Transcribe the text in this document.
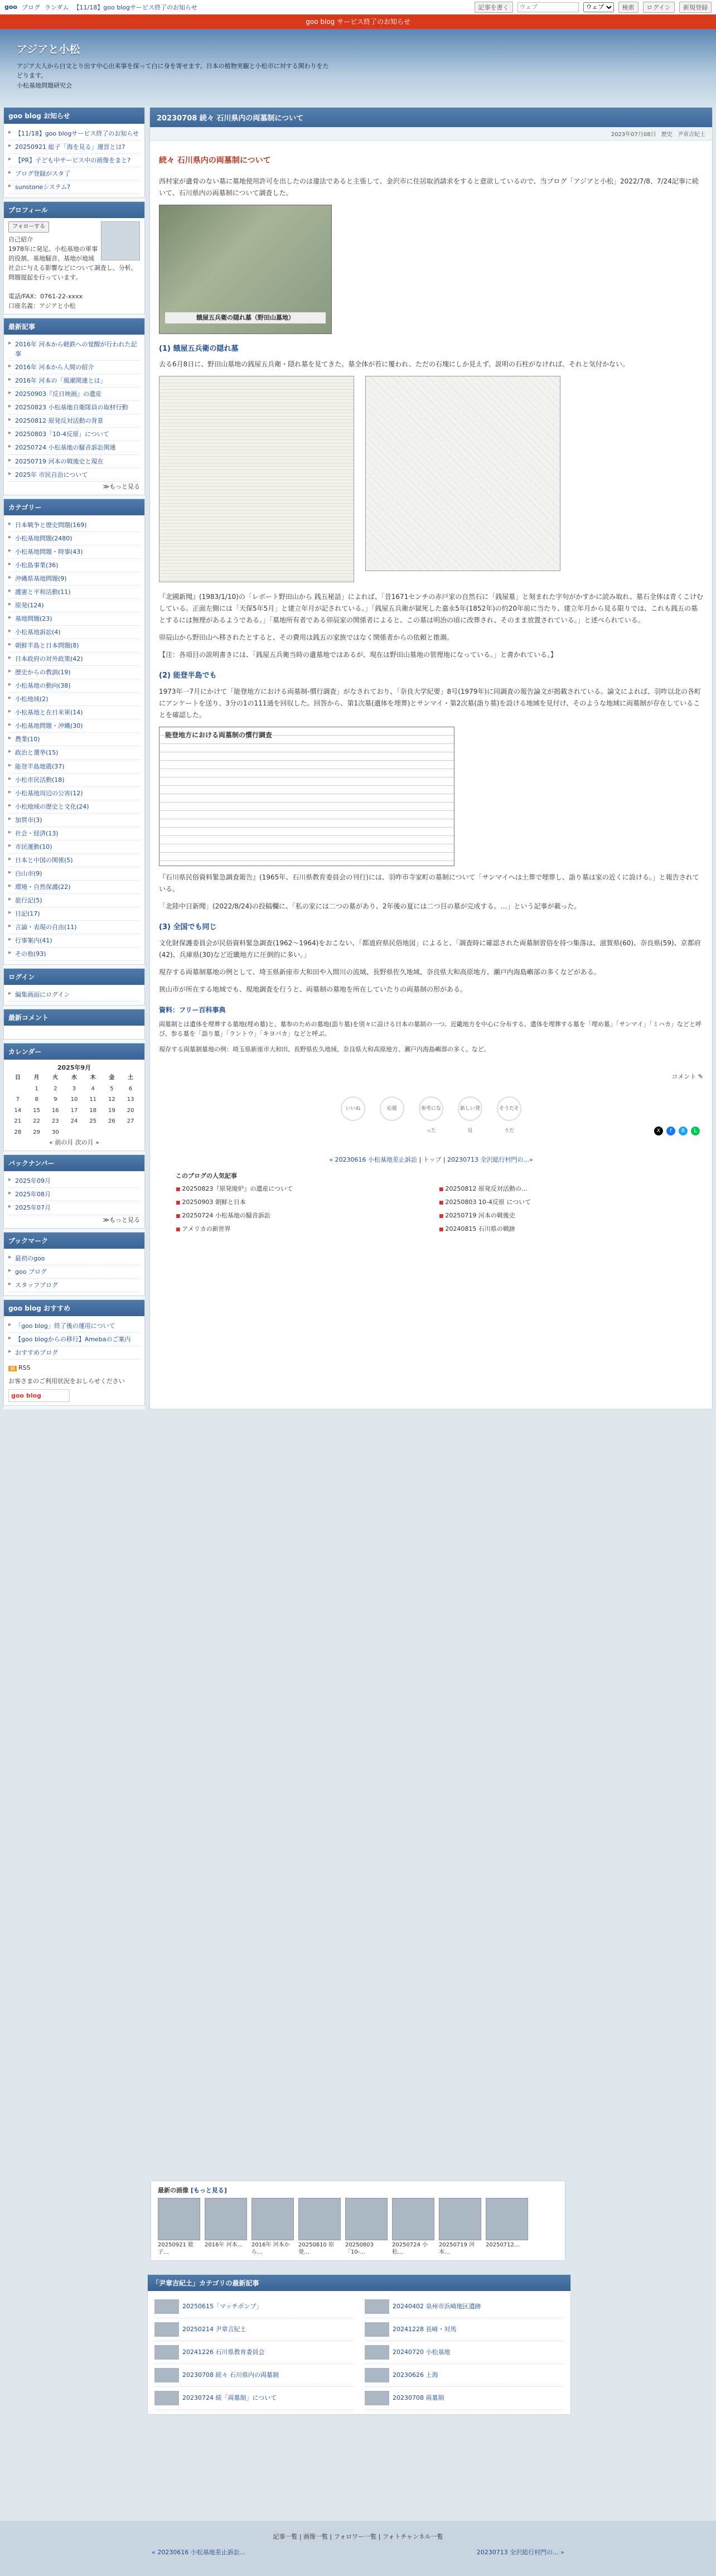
goo ブログ ランダム 【11/18】goo blogサービス終了のお知らせ	記事を書く
ウェブ
ウェブ	検索	ログイン	新規登録
goo blog サービス終了のお知らせ
アジアと小松
アジア大人から白文とり出す中心出来事を探って白に身を寄せます。日本の植物実観と小松市に対する関わりをたどります。
小松基地問題研究会
goo blog お知らせ
▶ 【11/18】goo blogサービス終了のお知らせ
▶ 20250921 総子「海を見る」運営とは?
▶ 【PR】子ども中サービス中の画像をまと?
▶ ブログ登録がスタ了
▶ sunstoneシステム?
プロフィール
フォローする
自己紹介
1978年に発足。小松基地の軍事的役割、基地騒音、基地が地域社会に与える影響などについて調査し、分析。問題提起を行っています。

電話/FAX：0761-22-xxxx
口座名義：アジアと小松
最新記事
▶ 2016年 河本から軽鉄への覚醒が行われた記事
▶ 2016年 河本から人間の紹介
▶ 2016年 河本の「風潮関連とは」
▶ 20250903『反日映画』の遺産
▶ 20250823 小松基地自衛隊員の取材行動
▶ 20250812 原発反対活動の背景
▶ 20250803「10-4反原」について
▶ 20250724 小松基地の騒音訴訟関連
▶ 20250719 河本の戦後史と現在
▶ 2025年 市民自治について
≫もっと見る
カテゴリー
▶ 日本戦争と歴史問題(169)
▶ 小松基地問題(2480)
▶ 小松基地問題・時事(43)
▶ 小松島事業(36)
▶ 沖縄県基地問題(9)
▶ 護憲と平和活動(11)
▶ 原発(124)
▶ 基地問題(23)
▶ 小松基地訴訟(4)
▶ 朝鮮半島と日本問題(8)
▶ 日本政府の対外政策(42)
▶ 歴史からの教訓(19)
▶ 小松基地の動向(38)
▶ 小松地域(2)
▶ 小松基地と在日米軍(14)
▶ 小松基地問題・沖縄(30)
▶ 農業(10)
▶ 政治と選挙(15)
▶ 能登半島地震(37)
▶ 小松市民活動(18)
▶ 小松基地周辺の公害(12)
▶ 小松地域の歴史と文化(24)
▶ 加賀市(3)
▶ 社会・経済(13)
▶ 市民運動(10)
▶ 日本と中国の関係(5)
▶ 白山市(9)
▶ 環境・自然保護(22)
▶ 旅行記(5)
▶ 日記(17)
▶ 言論・表現の自由(11)
▶ 行事案内(41)
▶ その他(93)
ログイン
▶ 編集画面にログイン
最新コメント
カレンダー
2025年9月
日	月	火	水	木	金	土
	1	2	3	4	5	6
7	8	9	10	11	12	13
14	15	16	17	18	19	20
21	22	23	24	25	26	27
28	29	30				
« 前の月 次の月 »
バックナンバー
▶ 2025年09月
▶ 2025年08月
▶ 2025年07月
≫もっと見る
ブックマーク
▶ 最初のgoo
▶ goo ブログ
▶ スタッフブログ
goo blog おすすめ
▶ 「goo blog」終了後の運用について
▶ 【goo blogからの移行】Amebaのご案内
▶ おすすめブログ
▤ RSS
お客さまのご利用状況をおしらせください
goo blog
20230708 続々 石川県内の両墓制について
2023年07月08日 歴史 尹章吉紀土
続々 石川県内の両墓制について

西村家が遺骨のない墓に墓地使用許可を出したのは違法であると主張して、金沢市に住居取消請求をすると意欲しているので、当ブログ「アジアと小松」2022/7/8、7/24記事に続いて、石川県内の両墓制について調査した。

餓屋五兵衛の隠れ墓（野田山墓地）
(1) 餓屋五兵衛の隠れ墓

去る6月8日に、野田山墓地の銭屋五兵衛・隠れ墓を見てきた。墓全体が苔に覆われ、ただの石塊にしか見えず、説明の石柱がなければ、それと気付かない。

『北國新聞』(1983/1/10)の「レポート野田山から 銭五秘話」によれば、「昔1671センチの赤戸家の自然石に「銭屋墓」と刻まれた字句がかすかに読み取れ、墓石全体は青くこけむしている。正面左側には「天保5年5月」と建立年月が記されている。」「銭屋五兵衛が獄死した嘉永5年(1852年)の約20年前に当たり、建立年月から見る限りでは、これも銭五の墓とするには無理があるようである。」「墓地所有者である卯辰家の関係者によると、この墓は明治の頃に改葬され、そのまま放置されている。」と述べられている。

卯辰山から野田山へ移されたとすると、その費用は銭五の家族ではなく関係者からの依頼と推測。

【注：各項目の説明書きには、「銭屋五兵衛当時の遺墓地ではあるが、現在は野田山墓地の管理地になっている。」と書かれている。】

(2) 能登半島でも

1973年一7月にかけて「能登地方における両墓制-慣行調査」がなされており、「奈良大学紀要」8号(1979年)に同調査の報告論文が掲載されている。論文によれば、羽咋以北の各町にアンケートを送り、3分の1の111通を回収した。回答から、第1次墓(遺体を埋葬)とサンマイ・第2次墓(詣り墓)を設ける地域を見付け、そのような地域に両墓制が存在していることを確認した。

能登地方における両墓制の慣行調査

『石川県民俗資料緊急調査報告』(1965年、石川県教育委員会の刊行)には、羽咋市寺家町の墓制について「サンマイへは土葬で埋葬し、詣り墓は家の近くに設ける。」と報告されている。

「北陸中日新聞」(2022/8/24)の投稿欄に、「私の家には二つの墓があり、2年後の夏には二つ目の墓が完成する。…」という記事が載った。

(3) 全国でも同じ

文化財保護委員会が民俗資料緊急調査(1962〜1964)をおこない、「都道府県民俗地図」によると、「調査時に確認された両墓制習俗を持つ集落は、滋賀県(60)、奈良県(59)、京都府(42)、兵庫県(30)など近畿地方に圧倒的に多い。」

現存する両墓制墓地の例として、埼玉県新座市大和田や入間川の流域、長野県佐久地域、奈良県大和高原地方、瀬戸内海島嶼部の多くなどがある。

狭山市が所在する地域でも、現地調査を行うと、両墓制の墓地を所在していたりの両墓制の形がある。

資料：フリー百科事典

両墓制とは遺体を埋葬する墓地(埋め墓)と、墓参のための墓地(詣り墓)を別々に設ける日本の墓制の一つ。近畿地方を中心に分布する。遺体を埋葬する墓を「埋め墓」「サンマイ」「ミハカ」などと呼び、参る墓を「詣り墓」「ラントウ」「キヨバカ」などと呼ぶ。

現存する両墓制墓地の例：埼玉県新座市大和田、長野県佐久地域、奈良県大和高原地方、瀬戸内海島嶼部の多く、など。

コメント ✎
いいね	応援	参考になった
新しい発見
そうだそうだ	X	f	B	L
« 20230616 小松基地差止訴訟 | トップ | 20230713 全沢総行村門の...»
このブログの人気記事
■ 20250823『原発廃炉』の遺産について	■ 20250812 原発反対活動の…
■ 20250903 朝鮮と日本	■ 20250803 10-4反原 について
■ 20250724 小松基地の騒音訴訟	■ 20250719 河本の戦後史
■ アメリカの新世界	■ 20240815 石川県の戦跡
最新の画像 [もっと見る]
20250921 総子…
2016年 河本…	2016年 河本から…
20250810 原発…
20250803 「10-…
20250724 小松…
20250719 河本…
20250712…
「尹章吉紀土」カテゴリの最新記事
20250615「マッチポンプ」	20240402 泉州市浜崎地区遺跡
20250214 尹章吉紀土	20241228 長崎・対馬
20241226 石川県教育委員会	20240720 小松基地
20230708 続々 石川県内の両墓制	20230626 上海
20230724 続「両墓制」について	20230708 両墓制
記事一覧 | 画像一覧 | フォロワー一覧 | フォトチャンネル一覧
« 20230616 小松基地差止訴訟...	20230713 全沢総行村門の... »
